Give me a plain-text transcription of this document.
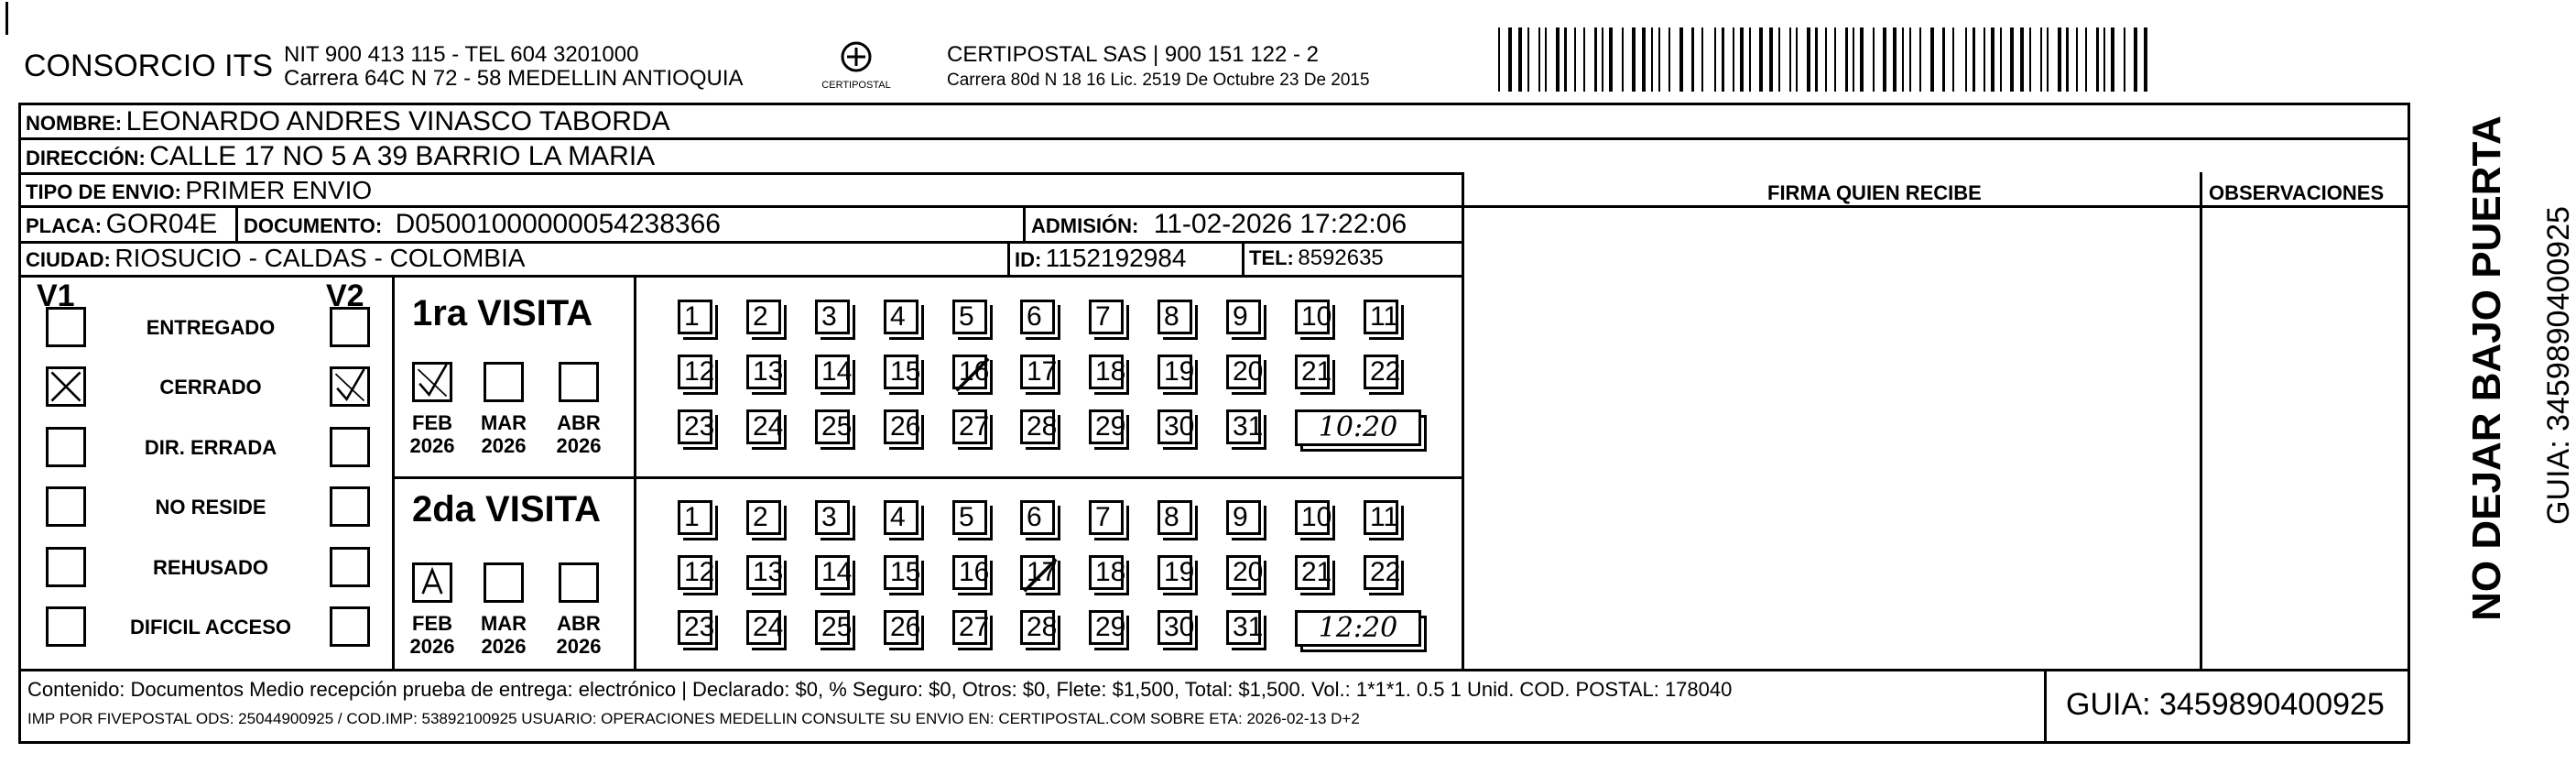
CONSORCIO ITS NIT 900 413 115 - TEL 604 3201000
Carrera 64C N 72 - 58 MEDELLIN ANTIOQUIA	CERTIPOSTAL
CERTIPOSTAL SAS | 900 151 122 - 2
Carrera 80d N 18 16 Lic. 2519 De Octubre 23 De 2015
NOMBRE: LEONARDO ANDRES VINASCO TABORDA
DIRECCIÓN: CALLE 17 NO 5 A 39 BARRIO LA MARIA
TIPO DE ENVIO: PRIMER ENVIO	FIRMA QUIEN RECIBE	OBSERVACIONES
PLACA: GOR04E DOCUMENTO: D05001000000054238366	ADMISIÓN: 11-02-2026 17:22:06
CIUDAD: RIOSUCIO - CALDAS - COLOMBIA	ID: 1152192984	TEL: 8592635
V1	V2
ENTREGADO
CERRADO
DIR. ERRADA
NO RESIDE
REHUSADO
DIFICIL ACCESO
1ra VISITA
2da VISITA
FEB
2026
MAR
2026
ABR
2026
1	2	3	4	5	6	7	8	9	10 11
12 13 14 15 16 17 18 19 20 21 22
23 24 25 26 27 28 29 30 31	10:20
FEB
2026
MAR
2026
ABR
2026
1	2	3	4	5	6	7	8	9	10 11
12 13 14 15 16 17 18 19 20 21 22
23 24 25 26 27 28 29 30 31	12:20
Contenido: Documentos Medio recepción prueba de entrega: electrónico | Declarado: $0, % Seguro: $0, Otros: $0, Flete: $1,500, Total: $1,500. Vol.: 1*1*1. 0.5 1 Unid. COD. POSTAL: 178040
IMP POR FIVEPOSTAL ODS: 25044900925 / COD.IMP: 53892100925 USUARIO: OPERACIONES MEDELLIN CONSULTE SU ENVIO EN: CERTIPOSTAL.COM SOBRE ETA: 2026-02-13 D+2	GUIA: 3459890400925
NO DEJAR BAJO PUERTA GUIA: 3459890400925
